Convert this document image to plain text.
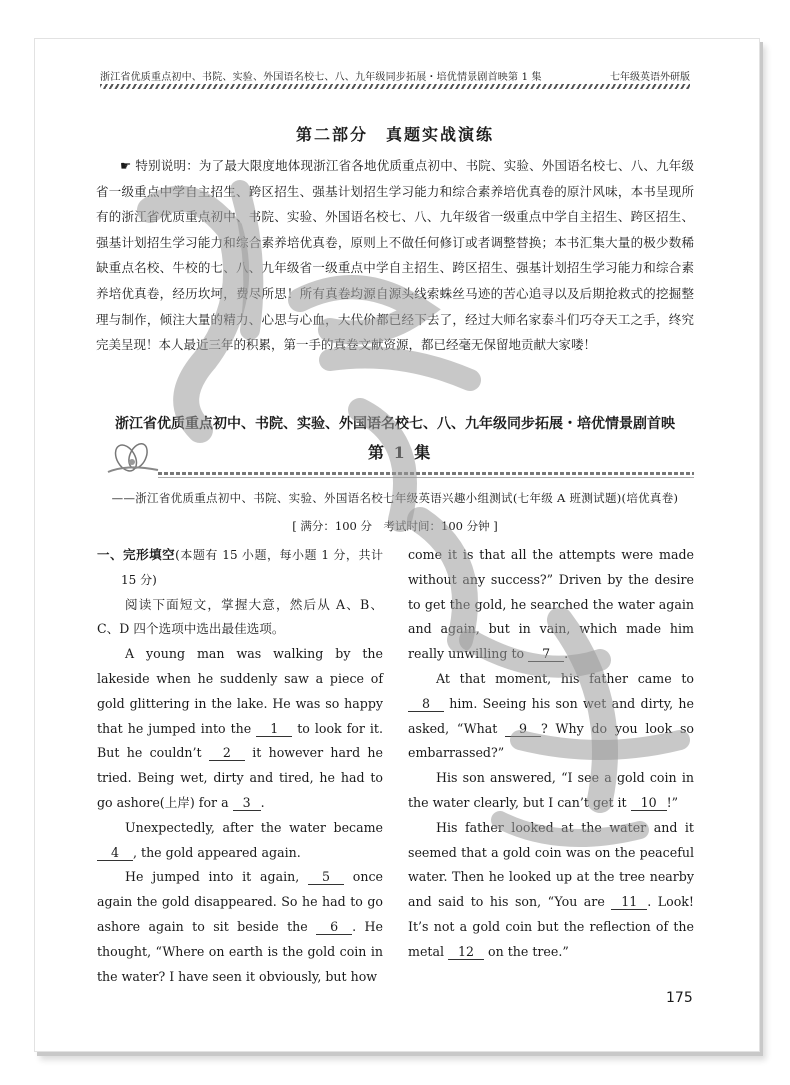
浙江省优质重点初中、书院、实验、外国语名校七、八、九年级同步拓展・培优情景剧首映第 1 集	七年级英语外研版
第二部分　真题实战演练
☛ 特别说明：为了最大限度地体现浙江省各地优质重点初中、书院、实验、外国语名校七、八、九年级省一级重点中学自主招生、跨区招生、强基计划招生学习能力和综合素养培优真卷的原汁风味，本书呈现所有的浙江省优质重点初中、书院、实验、外国语名校七、八、九年级省一级重点中学自主招生、跨区招生、强基计划招生学习能力和综合素养培优真卷，原则上不做任何修订或者调整替换；本书汇集大量的极少数稀缺重点名校、牛校的七、八、九年级省一级重点中学自主招生、跨区招生、强基计划招生学习能力和综合素养培优真卷，经历坎坷，费尽所思！所有真卷均源自源头线索蛛丝马迹的苦心追寻以及后期抢救式的挖掘整理与制作，倾注大量的精力、心思与心血，大代价都已经下去了，经过大师名家泰斗们巧夺天工之手，终究完美呈现！本人最近三年的积累，第一手的真卷文献资源，都已经毫无保留地贡献大家喽！
浙江省优质重点初中、书院、实验、外国语名校七、八、九年级同步拓展・培优情景剧首映
第 1 集
——浙江省优质重点初中、书院、实验、外国语名校七年级英语兴趣小组测试(七年级 A 班测试题)(培优真卷)
[ 满分：100 分　考试时间：100 分钟 ]

一、完形填空(本题有 15 小题，每小题 1 分，共计 15 分)

阅读下面短文，掌握大意，然后从 A、B、C、D 四个选项中选出最佳选项。

A young man was walking by the lakeside when he suddenly saw a piece of gold glittering in the lake. He was so happy that he jumped into the 1 to look for it. But he couldn’t 2 it however hard he tried. Being wet, dirty and tired, he had to go ashore(上岸) for a 3 .

Unexpectedly, after the water became 4 , the gold appeared again.

He jumped into it again, 5 once again the gold disappeared. So he had to go ashore again to sit beside the 6 . He thought, “Where on earth is the gold coin in the water? I have seen it obviously, but how

come it is that all the attempts were made without any success?” Driven by the desire to get the gold, he searched the water again and again, but in vain, which made him really unwilling to 7 .

At that moment, his father came to 8 him. Seeing his son wet and dirty, he asked, “What 9 ? Why do you look so embarrassed?”

His son answered, “I see a gold coin in the water clearly, but I can’t get it 10 !”

His father looked at the water and it seemed that a gold coin was on the peaceful water. Then he looked up at the tree nearby and said to his son, “You are 11 . Look! It’s not a gold coin but the reflection of the metal 12 on the tree.”

175
